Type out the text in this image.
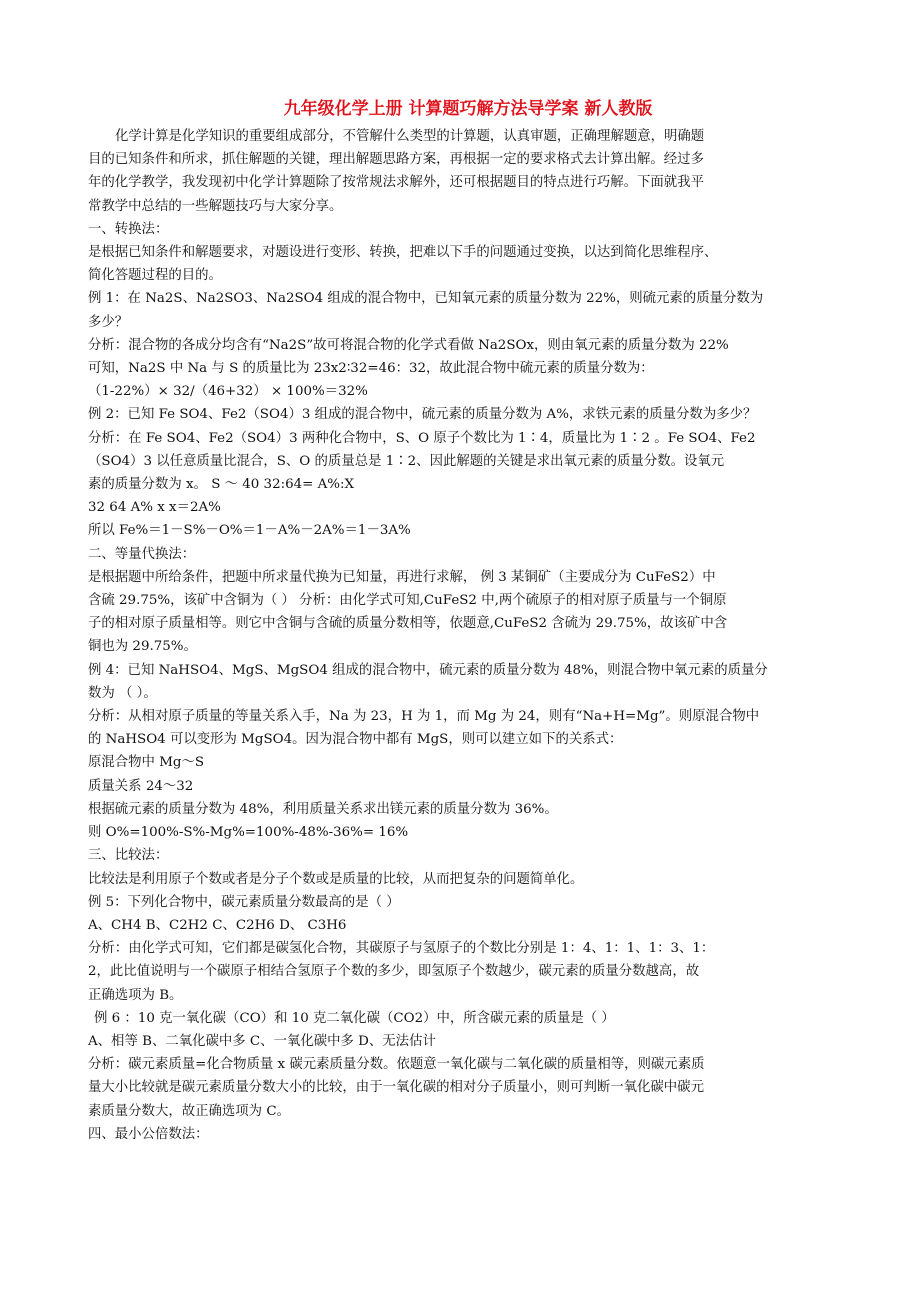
九年级化学上册 计算题巧解方法导学案 新人教版

化学计算是化学知识的重要组成部分，不管解什么类型的计算题，认真审题，正确理解题意，明确题

目的已知条件和所求，抓住解题的关键，理出解题思路方案，再根据一定的要求格式去计算出解。经过多

年的化学教学，我发现初中化学计算题除了按常规法求解外，还可根据题目的特点进行巧解。下面就我平

常教学中总结的一些解题技巧与大家分享。

一、转换法：

是根据已知条件和解题要求，对题设进行变形、转换，把难以下手的问题通过变换，以达到简化思维程序、

简化答题过程的目的。

例 1：在 Na2S、Na2SO3、Na2SO4 组成的混合物中，已知氧元素的质量分数为 22%，则硫元素的质量分数为

多少？

分析：混合物的各成分均含有“Na2S”故可将混合物的化学式看做 Na2SOx，则由氧元素的质量分数为 22%

可知，Na2S 中 Na 与 S 的质量比为 23x2∶32=46：32，故此混合物中硫元素的质量分数为：

（1-22%）× 32/（46+32） × 100%＝32%

例 2：已知 Fe SO4、Fe2（SO4）3 组成的混合物中，硫元素的质量分数为 A%，求铁元素的质量分数为多少？

分析：在 Fe SO4、Fe2（SO4）3 两种化合物中，S、O 原子个数比为 1∶4，质量比为 1∶2 。Fe SO4、Fe2

（SO4）3 以任意质量比混合，S、O 的质量总是 1∶2、因此解题的关键是求出氧元素的质量分数。设氧元

素的质量分数为 x。 S ～ 40 32:64= A%:X

32 64 A% x x＝2A%

所以 Fe%＝1－S%－O%＝1－A%－2A%＝1－3A%

二、等量代换法：

是根据题中所给条件，把题中所求量代换为已知量，再进行求解， 例 3 某铜矿（主要成分为 CuFeS2）中

含硫 29.75%，该矿中含铜为（ ） 分析：由化学式可知,CuFeS2 中,两个硫原子的相对原子质量与一个铜原

子的相对原子质量相等。则它中含铜与含硫的质量分数相等，依题意,CuFeS2 含硫为 29.75%，故该矿中含

铜也为 29.75%。

例 4：已知 NaHSO4、MgS、MgSO4 组成的混合物中，硫元素的质量分数为 48%，则混合物中氧元素的质量分

数为 （ ）。

分析：从相对原子质量的等量关系入手，Na 为 23，H 为 1，而 Mg 为 24，则有“Na+H=Mg”。则原混合物中

的 NaHSO4 可以变形为 MgSO4。因为混合物中都有 MgS，则可以建立如下的关系式：

原混合物中 Mg～S

质量关系 24～32

根据硫元素的质量分数为 48%，利用质量关系求出镁元素的质量分数为 36%。

则 O%=100%-S%-Mg%=100%-48%-36%= 16%

三、比较法：

比较法是利用原子个数或者是分子个数或是质量的比较，从而把复杂的问题简单化。

例 5：下列化合物中，碳元素质量分数最高的是（ ）

A、CH4 B、C2H2 C、C2H6 D、 C3H6

分析：由化学式可知，它们都是碳氢化合物，其碳原子与氢原子的个数比分别是 1：4、1：1、1：3、1：

2，此比值说明与一个碳原子相结合氢原子个数的多少，即氢原子个数越少，碳元素的质量分数越高，故

正确选项为 B。

例 6 ：10 克一氧化碳（CO）和 10 克二氧化碳（CO2）中，所含碳元素的质量是（ ）

A、相等 B、二氧化碳中多 C、一氧化碳中多 D、无法估计

分析：碳元素质量=化合物质量 x 碳元素质量分数。依题意一氧化碳与二氧化碳的质量相等，则碳元素质

量大小比较就是碳元素质量分数大小的比较，由于一氧化碳的相对分子质量小，则可判断一氧化碳中碳元

素质量分数大，故正确选项为 C。

四、最小公倍数法：
